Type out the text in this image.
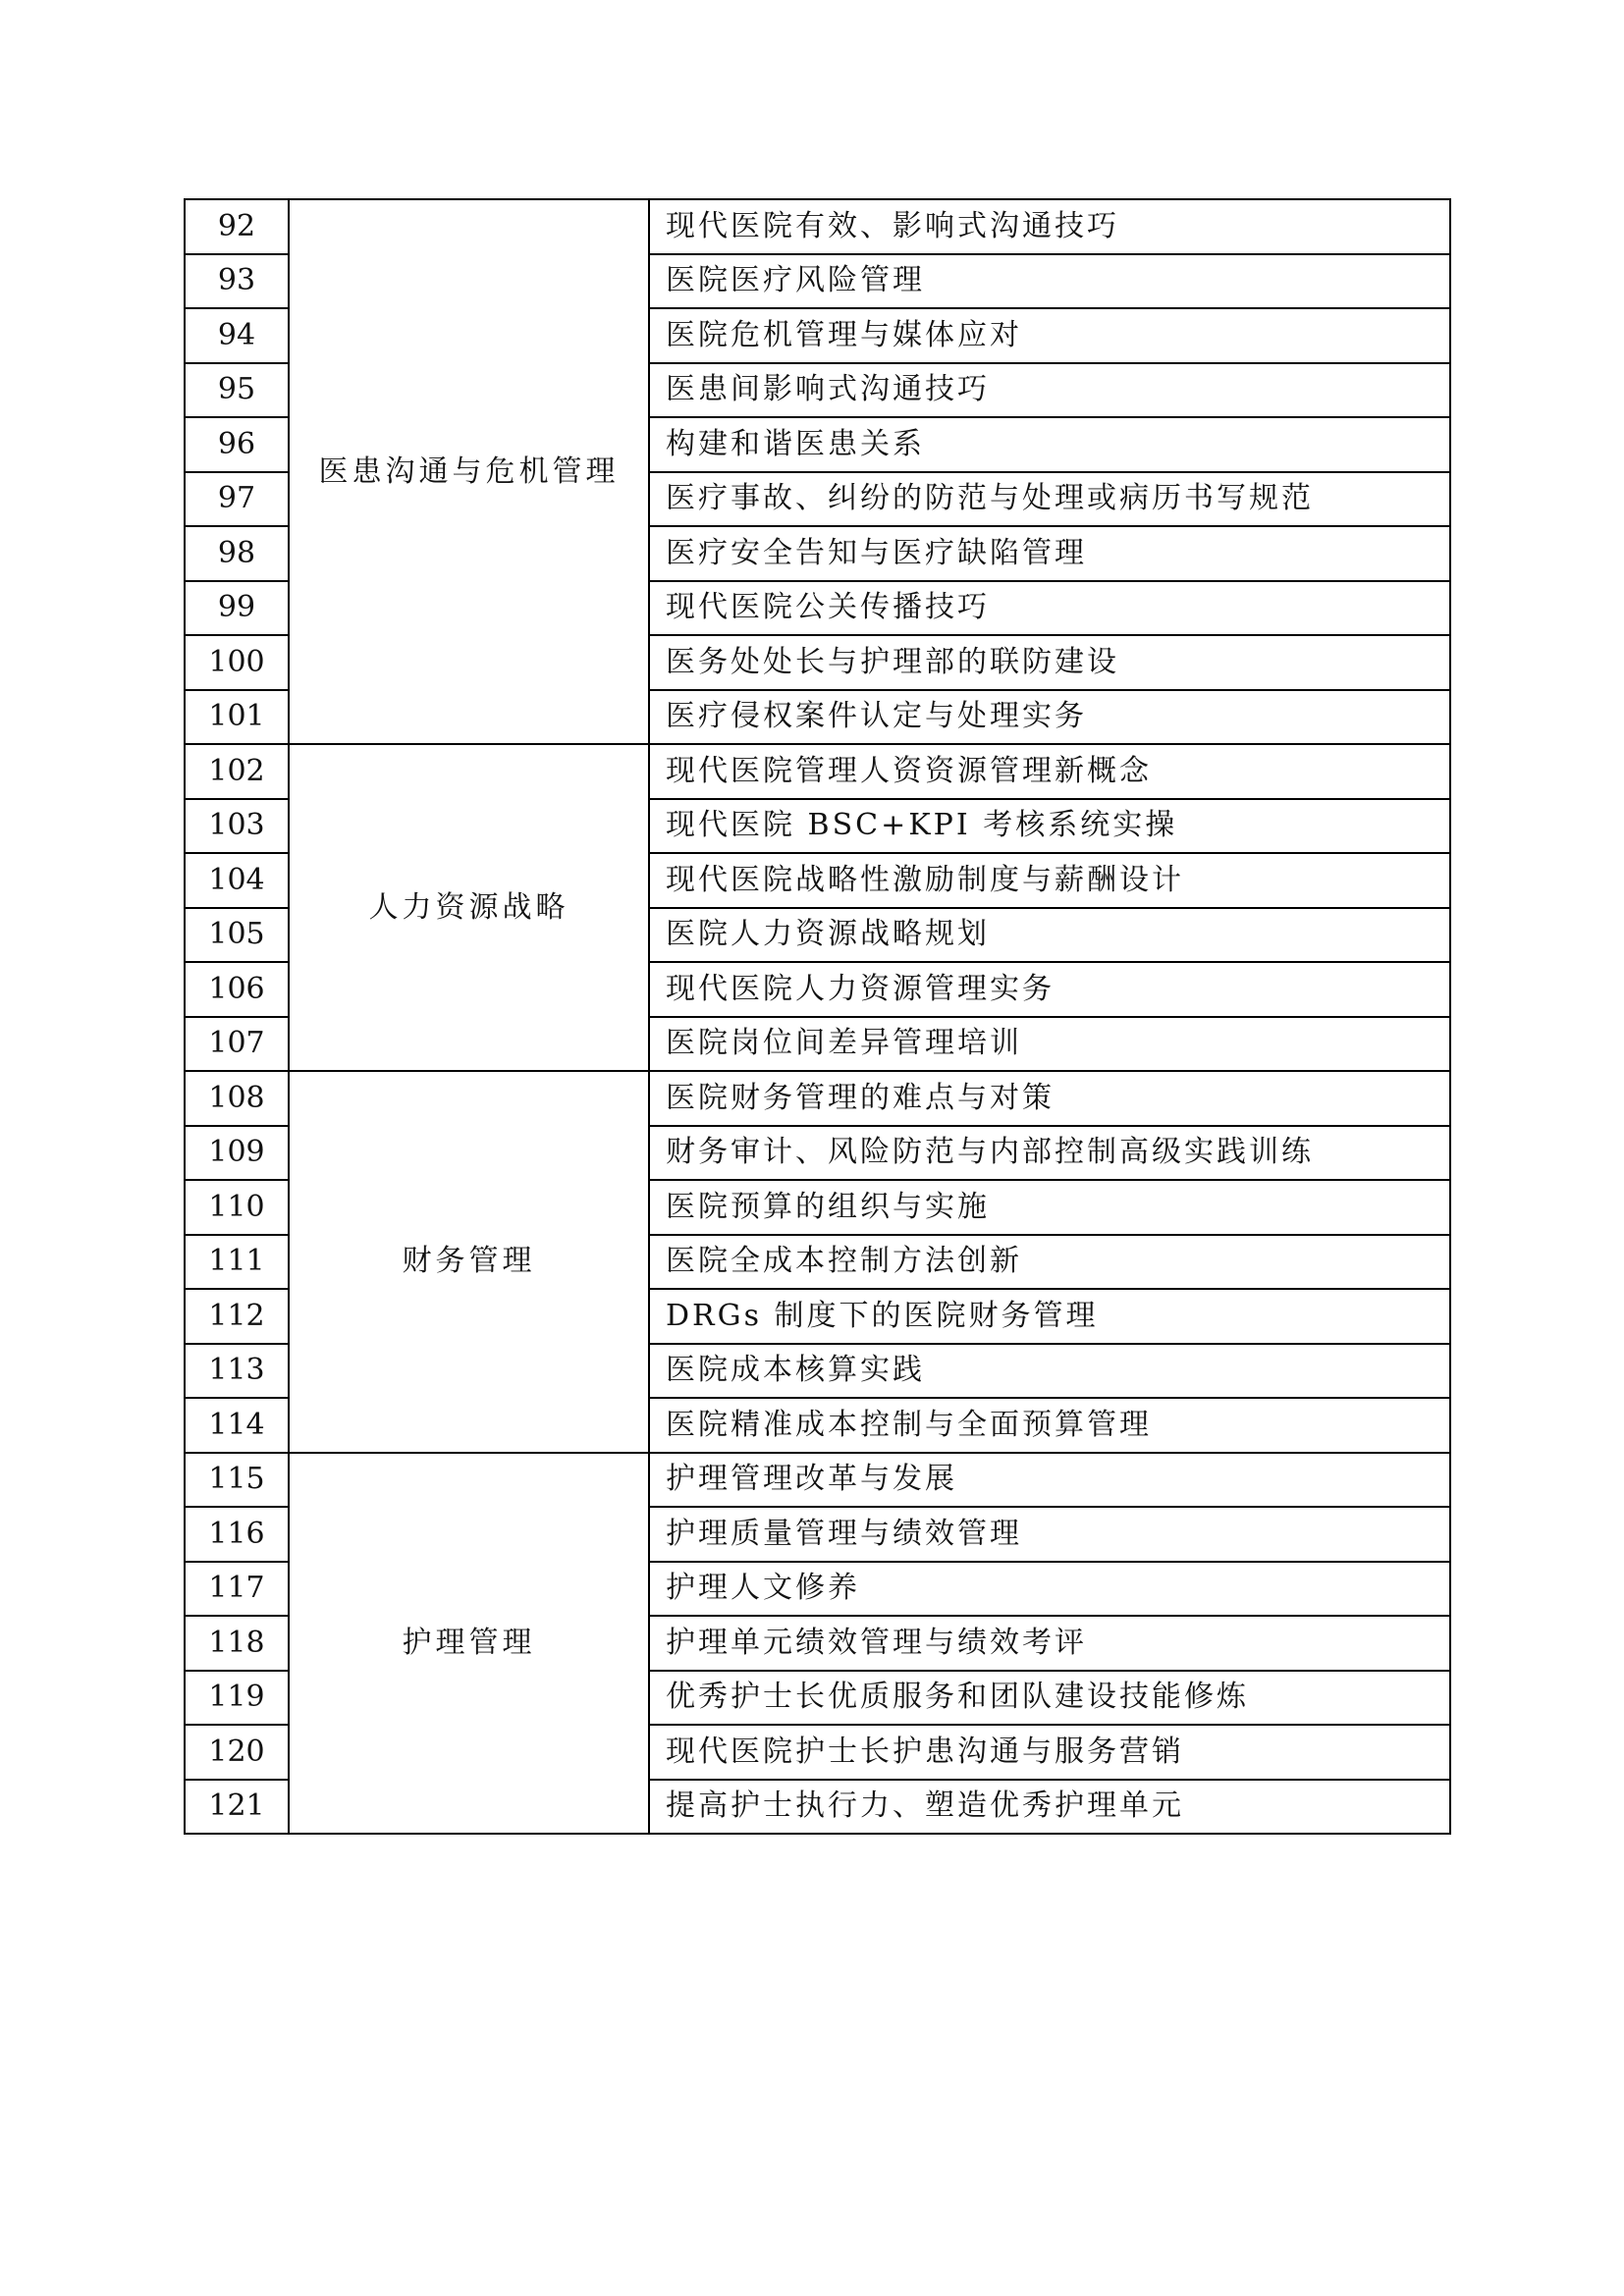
92	医患沟通与危机管理	现代医院有效、影响式沟通技巧
93		医院医疗风险管理
94		医院危机管理与媒体应对
95		医患间影响式沟通技巧
96		构建和谐医患关系
97		医疗事故、纠纷的防范与处理或病历书写规范
98		医疗安全告知与医疗缺陷管理
99		现代医院公关传播技巧
100		医务处处长与护理部的联防建设
101		医疗侵权案件认定与处理实务
102	人力资源战略	现代医院管理人资资源管理新概念
103		现代医院 BSC+KPI 考核系统实操
104		现代医院战略性激励制度与薪酬设计
105		医院人力资源战略规划
106		现代医院人力资源管理实务
107		医院岗位间差异管理培训
108	财务管理	医院财务管理的难点与对策
109		财务审计、风险防范与内部控制高级实践训练
110		医院预算的组织与实施
111		医院全成本控制方法创新
112		DRGs 制度下的医院财务管理
113		医院成本核算实践
114		医院精准成本控制与全面预算管理
115	护理管理	护理管理改革与发展
116		护理质量管理与绩效管理
117		护理人文修养
118		护理单元绩效管理与绩效考评
119		优秀护士长优质服务和团队建设技能修炼
120		现代医院护士长护患沟通与服务营销
121		提高护士执行力、塑造优秀护理单元
